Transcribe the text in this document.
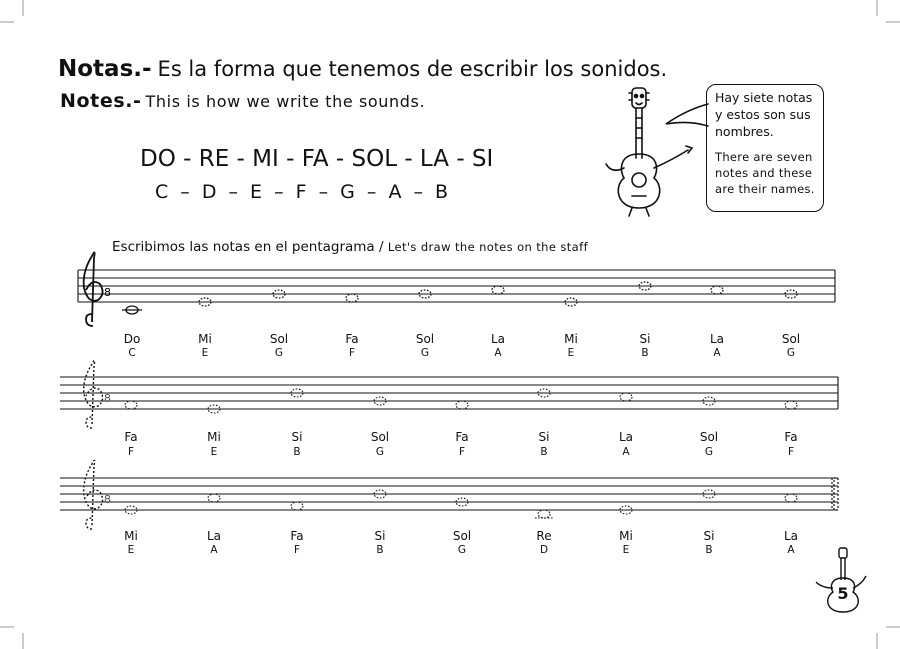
Notas.- Es la forma que tenemos de escribir los sonidos.
Notes.- This is how we write the sounds.
DO - RE - MI - FA - SOL - LA - SI
C – D – E – F – G – A – B
Hay siete notas
y estos son sus
nombres.
There are seven
notes and these
are their names.
Escribimos las notas en el pentagrama / Let's draw the notes on the staff
8
8
8
Do
C
Mi
E
Sol
G
Fa
F
Sol
G
La
A
Mi
E
Si
B
La
A
Sol
G
Fa
F
Mi
E
Si
B
Sol
G
Fa
F
Si
B
La
A
Sol
G
Fa
F
Mi
E
La
A
Fa
F
Si
B
Sol
G
Re
D
Mi
E
Si
B
La
A
5
